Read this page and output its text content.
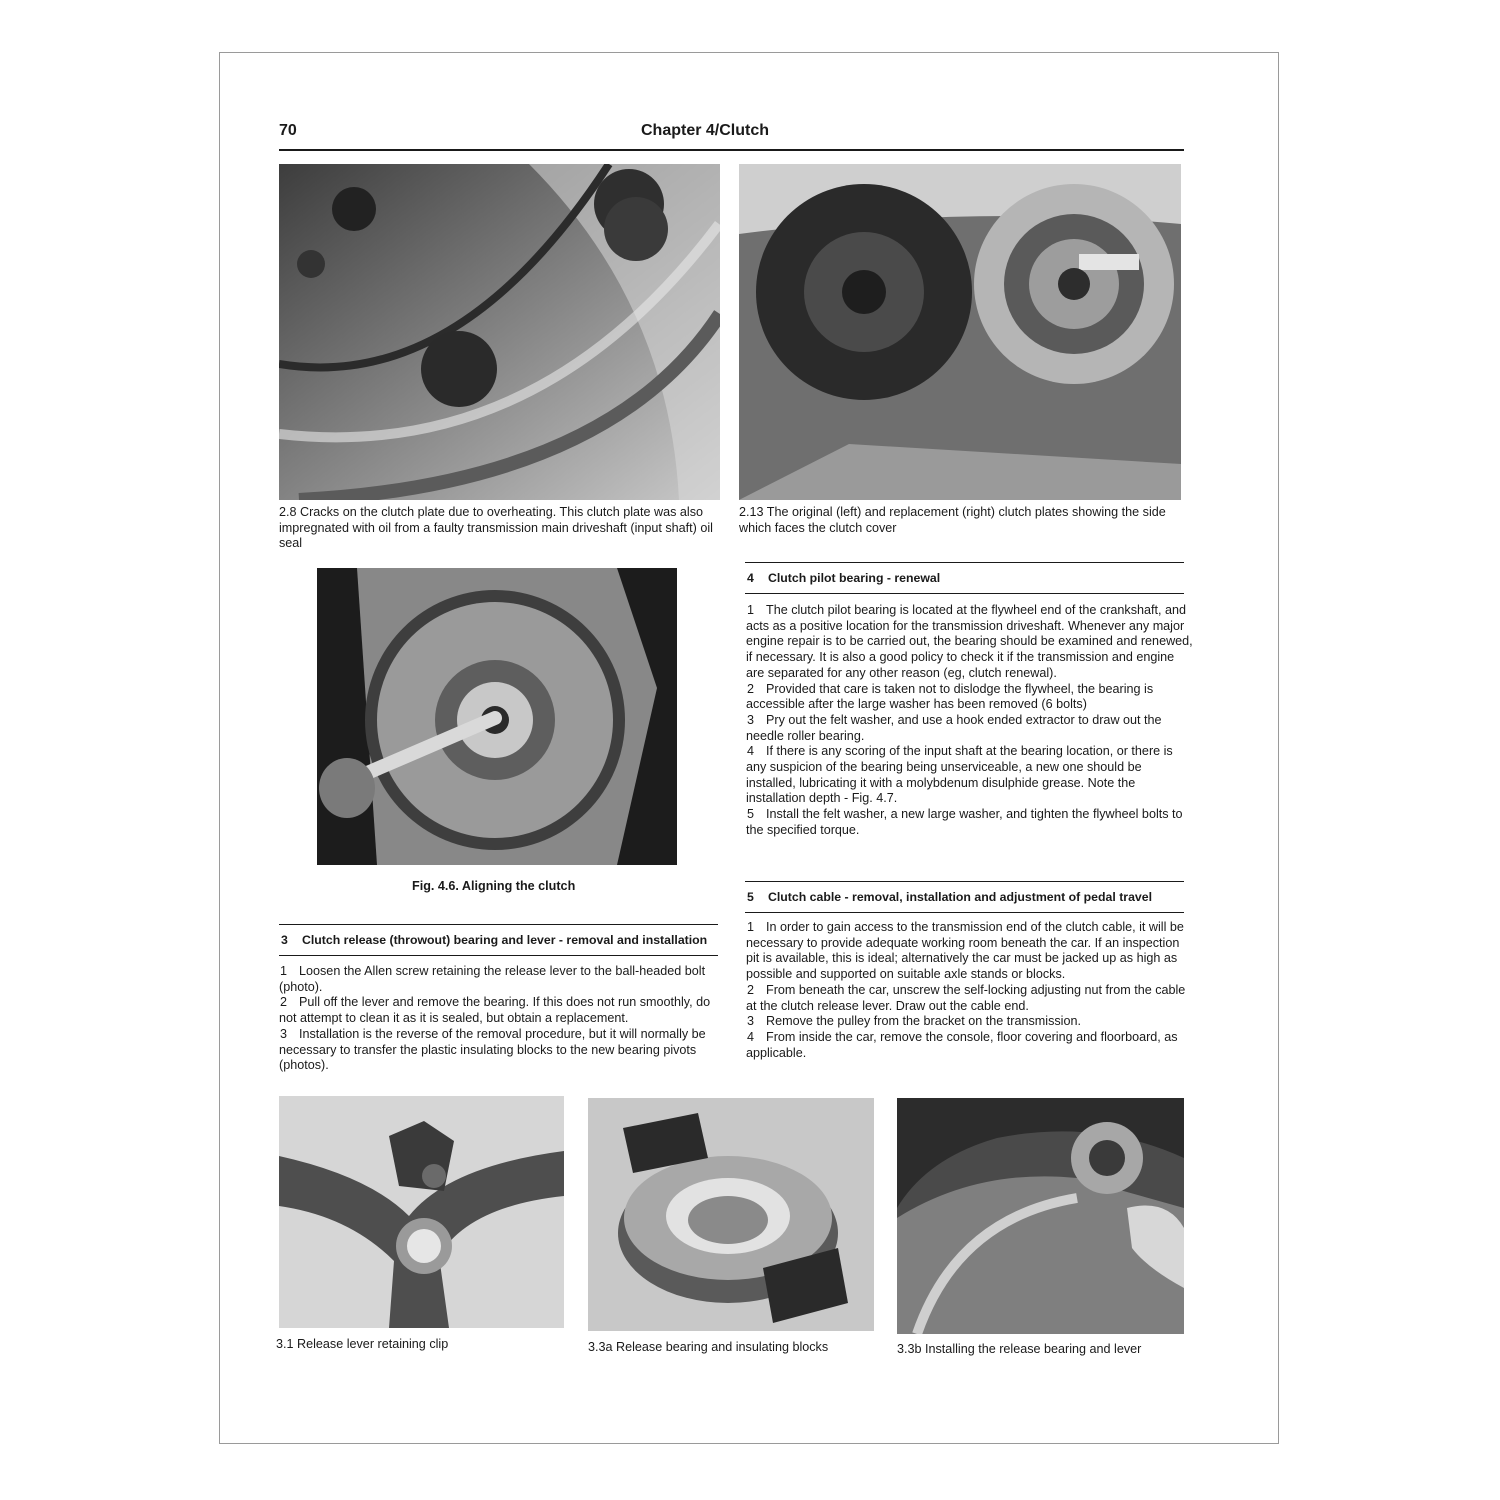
70	Chapter 4/Clutch
2.8 Cracks on the clutch plate due to overheating. This clutch plate was also impregnated with oil from a faulty transmission main driveshaft (input shaft) oil seal
2.13 The original (left) and replacement (right) clutch plates showing the side which faces the clutch cover
Fig. 4.6. Aligning the clutch
4 Clutch pilot bearing - renewal

1 The clutch pilot bearing is located at the flywheel end of the crankshaft, and acts as a positive location for the transmission driveshaft. Whenever any major engine repair is to be carried out, the bearing should be examined and renewed, if necessary. It is also a good policy to check it if the transmission and engine are separated for any other reason (eg, clutch renewal).

2 Provided that care is taken not to dislodge the flywheel, the bearing is accessible after the large washer has been removed (6 bolts)

3 Pry out the felt washer, and use a hook ended extractor to draw out the needle roller bearing.

4 If there is any scoring of the input shaft at the bearing location, or there is any suspicion of the bearing being unserviceable, a new one should be installed, lubricating it with a molybdenum disulphide grease. Note the installation depth - Fig. 4.7.

5 Install the felt washer, a new large washer, and tighten the flywheel bolts to the specified torque.

5 Clutch cable - removal, installation and adjustment of pedal travel

1 In order to gain access to the transmission end of the clutch cable, it will be necessary to provide adequate working room beneath the car. If an inspection pit is available, this is ideal; alternatively the car must be jacked up as high as possible and supported on suitable axle stands or blocks.

2 From beneath the car, unscrew the self-locking adjusting nut from the cable at the clutch release lever. Draw out the cable end.

3 Remove the pulley from the bracket on the transmission.

4 From inside the car, remove the console, floor covering and floorboard, as applicable.

3 Clutch release (throwout) bearing and lever - removal and installation

1 Loosen the Allen screw retaining the release lever to the ball-headed bolt (photo).

2 Pull off the lever and remove the bearing. If this does not run smoothly, do not attempt to clean it as it is sealed, but obtain a replacement.

3 Installation is the reverse of the removal procedure, but it will normally be necessary to transfer the plastic insulating blocks to the new bearing pivots (photos).

3.1 Release lever retaining clip	3.3a Release bearing and insulating blocks	3.3b Installing the release bearing and lever
